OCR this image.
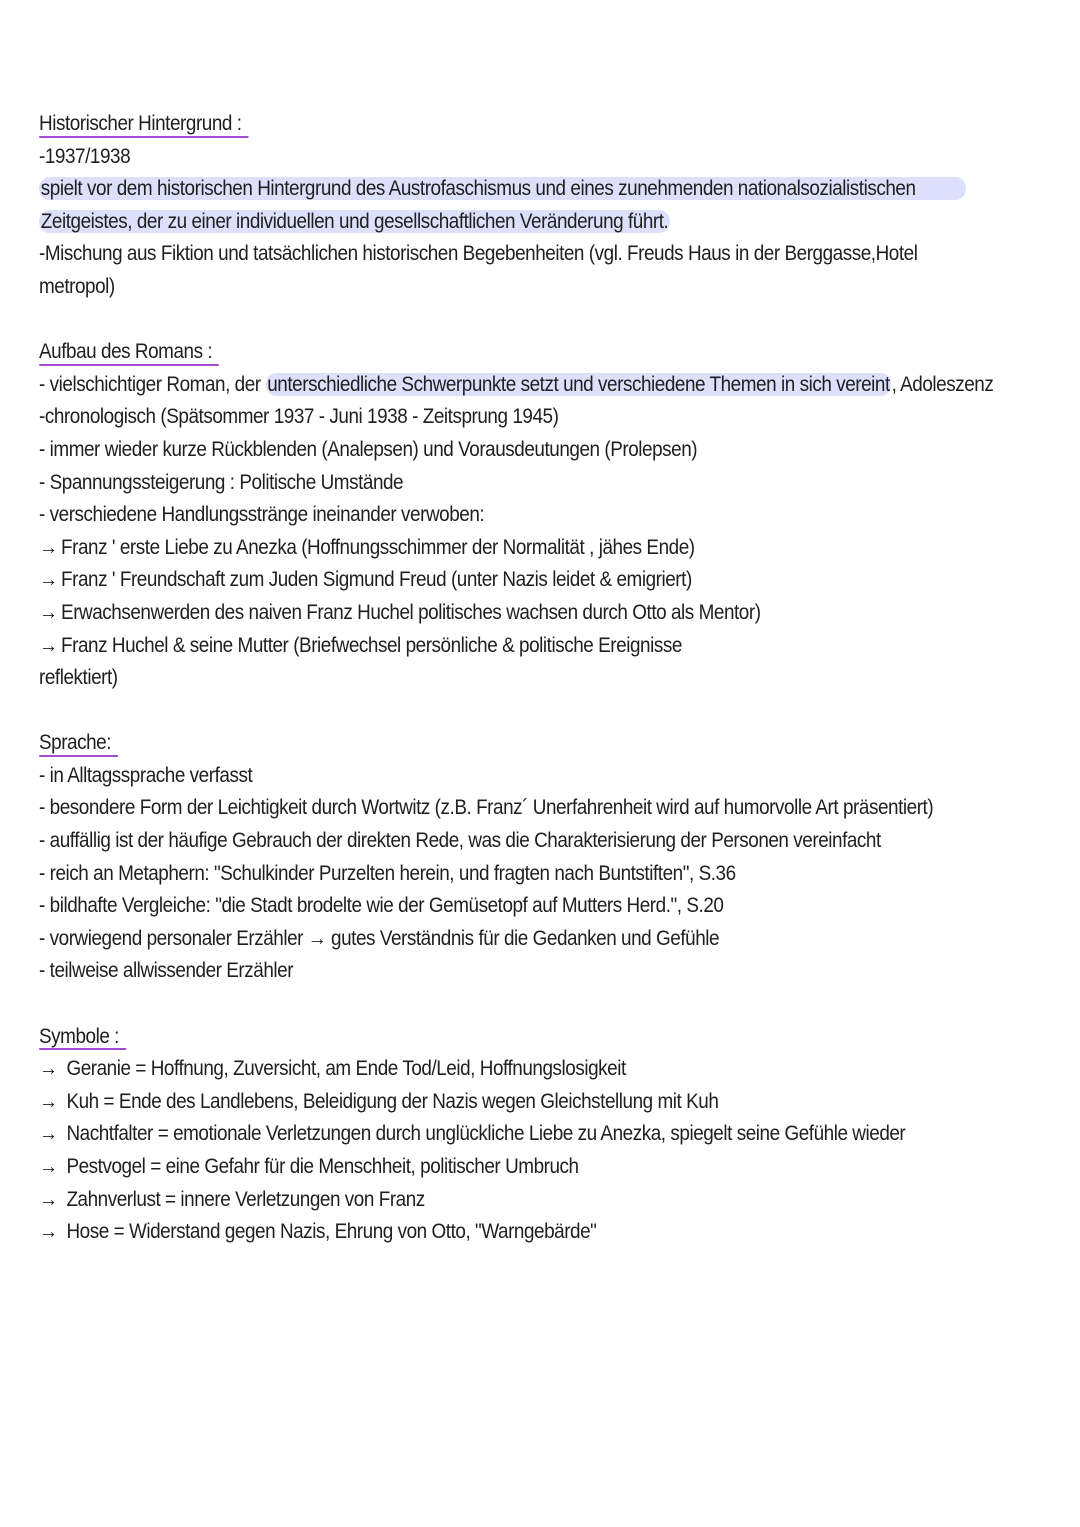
Historischer Hintergrund :
-1937/1938
spielt vor dem historischen Hintergrund des Austrofaschismus und eines zunehmenden nationalsozialistischen
Zeitgeistes, der zu einer individuellen und gesellschaftlichen Veränderung führt.
-Mischung aus Fiktion und tatsächlichen historischen Begebenheiten (vgl. Freuds Haus in der Berggasse,Hotel
metropol)
Aufbau des Romans :
- vielschichtiger Roman, der unterschiedliche Schwerpunkte setzt und verschiedene Themen in sich vereint, Adoleszenz
-chronologisch (Spätsommer 1937 - Juni 1938 - Zeitsprung 1945)
- immer wieder kurze Rückblenden (Analepsen) und Vorausdeutungen (Prolepsen)
- Spannungssteigerung : Politische Umstände
- verschiedene Handlungsstränge ineinander verwoben:
→ Franz ' erste Liebe zu Anezka (Hoffnungsschimmer der Normalität , jähes Ende)
→ Franz ' Freundschaft zum Juden Sigmund Freud (unter Nazis leidet & emigriert)
→ Erwachsenwerden des naiven Franz Huchel politisches wachsen durch Otto als Mentor)
→ Franz Huchel & seine Mutter (Briefwechsel persönliche & politische Ereignisse
reflektiert)
Sprache:
- in Alltagssprache verfasst
- besondere Form der Leichtigkeit durch Wortwitz (z.B. Franz´ Unerfahrenheit wird auf humorvolle Art präsentiert)
- auffällig ist der häufige Gebrauch der direkten Rede, was die Charakterisierung der Personen vereinfacht
- reich an Metaphern: "Schulkinder Purzelten herein, und fragten nach Buntstiften", S.36
- bildhafte Vergleiche: "die Stadt brodelte wie der Gemüsetopf auf Mutters Herd.", S.20
- vorwiegend personaler Erzähler → gutes Verständnis für die Gedanken und Gefühle
- teilweise allwissender Erzähler
Symbole :
→ Geranie = Hoffnung, Zuversicht, am Ende Tod/Leid, Hoffnungslosigkeit
→ Kuh = Ende des Landlebens, Beleidigung der Nazis wegen Gleichstellung mit Kuh
→ Nachtfalter = emotionale Verletzungen durch unglückliche Liebe zu Anezka, spiegelt seine Gefühle wieder
→ Pestvogel = eine Gefahr für die Menschheit, politischer Umbruch
→ Zahnverlust = innere Verletzungen von Franz
→ Hose = Widerstand gegen Nazis, Ehrung von Otto, "Warngebärde"
